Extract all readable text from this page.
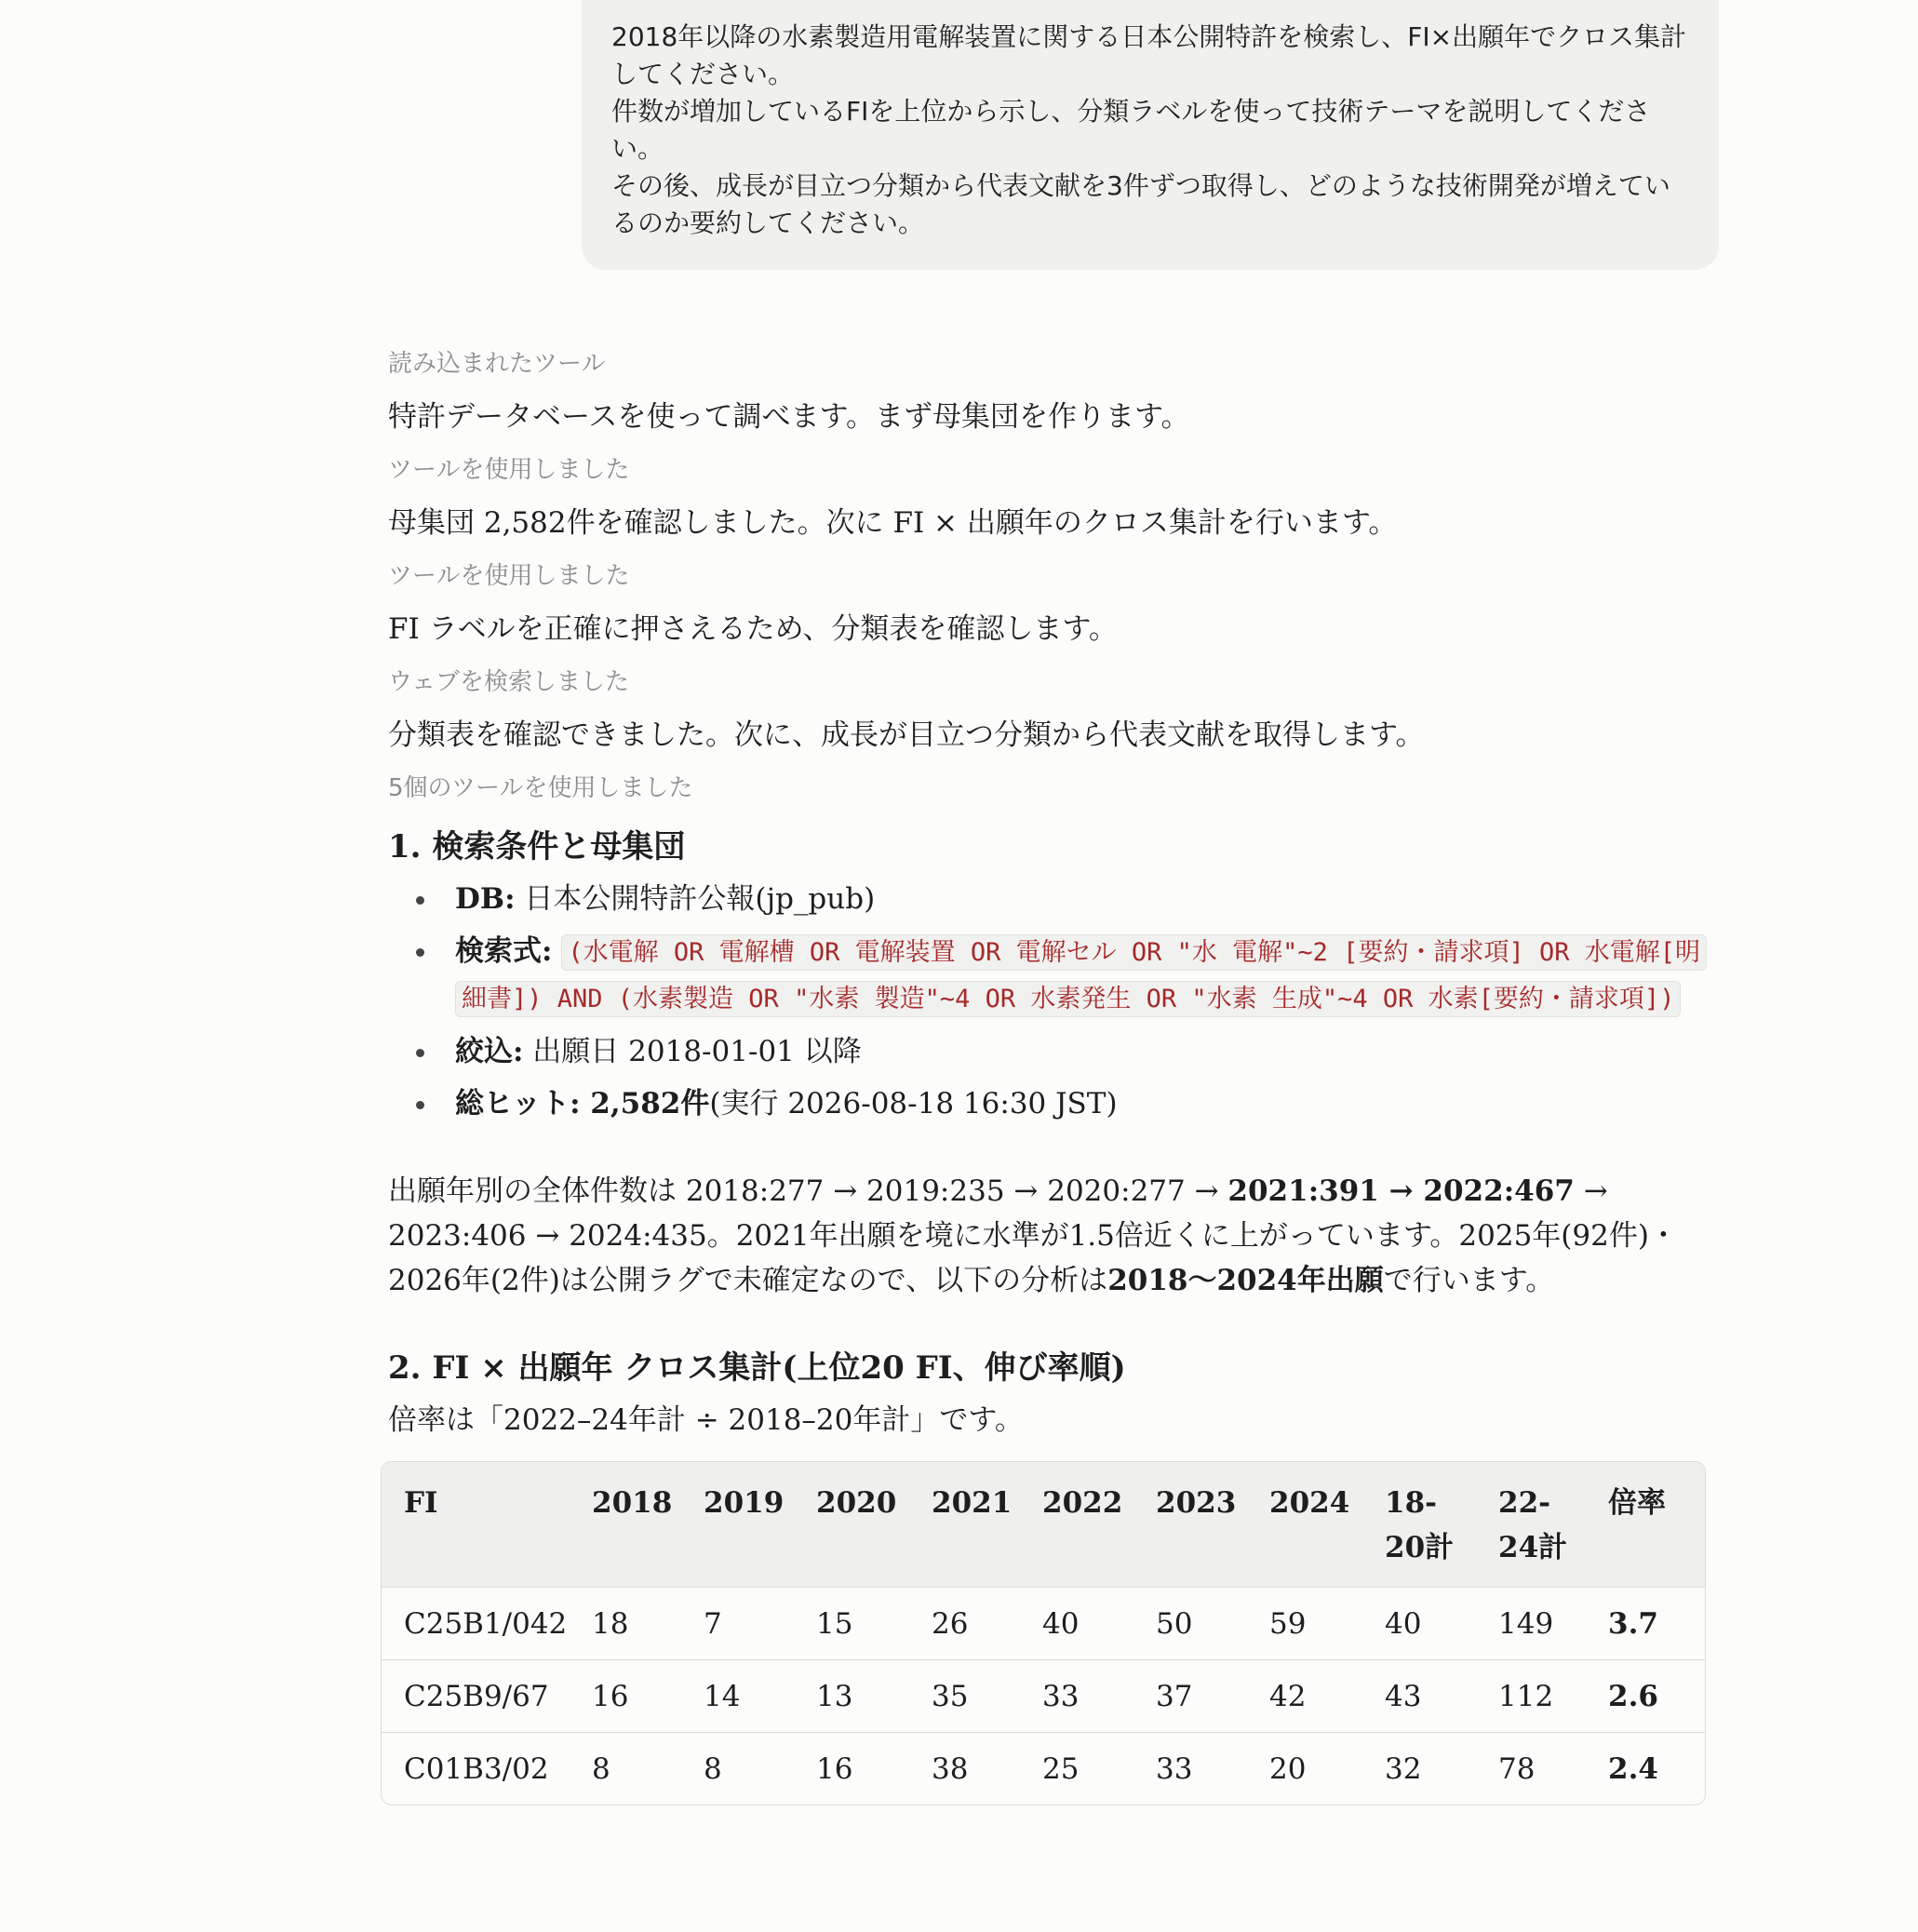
2018年以降の水素製造用電解装置に関する日本公開特許を検索し、FI×出願年でクロス集計してください。

件数が増加しているFIを上位から示し、分類ラベルを使って技術テーマを説明してください。

その後、成長が目立つ分類から代表文献を3件ずつ取得し、どのような技術開発が増えているのか要約してください。

読み込まれたツール

特許データベースを使って調べます。まず母集団を作ります。

ツールを使用しました

母集団 2,582件を確認しました。次に FI × 出願年のクロス集計を行います。

ツールを使用しました

FI ラベルを正確に押さえるため、分類表を確認します。

ウェブを検索しました

分類表を確認できました。次に、成長が目立つ分類から代表文献を取得します。

5個のツールを使用しました

1. 検索条件と母集団
DB: 日本公開特許公報(jp_pub)
検索式: (水電解 OR 電解槽 OR 電解装置 OR 電解セル OR "水 電解"~2 [要約・請求項] OR 水電解[明細書]) AND (水素製造 OR "水素 製造"~4 OR 水素発生 OR "水素 生成"~4 OR 水素[要約・請求項])
絞込: 出願日 2018-01-01 以降
総ヒット: 2,582件(実行 2026-08-18 16:30 JST)

出願年別の全体件数は 2018:277 → 2019:235 → 2020:277 → 2021:391 → 2022:467 → 2023:406 → 2024:435。2021年出願を境に水準が1.5倍近くに上がっています。2025年(92件)・2026年(2件)は公開ラグで未確定なので、以下の分析は2018〜2024年出願で行います。

2. FI × 出願年 クロス集計(上位20 FI、伸び率順)

倍率は「2022–24年計 ÷ 2018–20年計」です。

FI	2018	2019	2020	2021	2022	2023	2024	18-20計	22-24計	倍率
C25B1/042	18	7	15	26	40	50	59	40	149	3.7
C25B9/67	16	14	13	35	33	37	42	43	112	2.6
C01B3/02	8	8	16	38	25	33	20	32	78	2.4
